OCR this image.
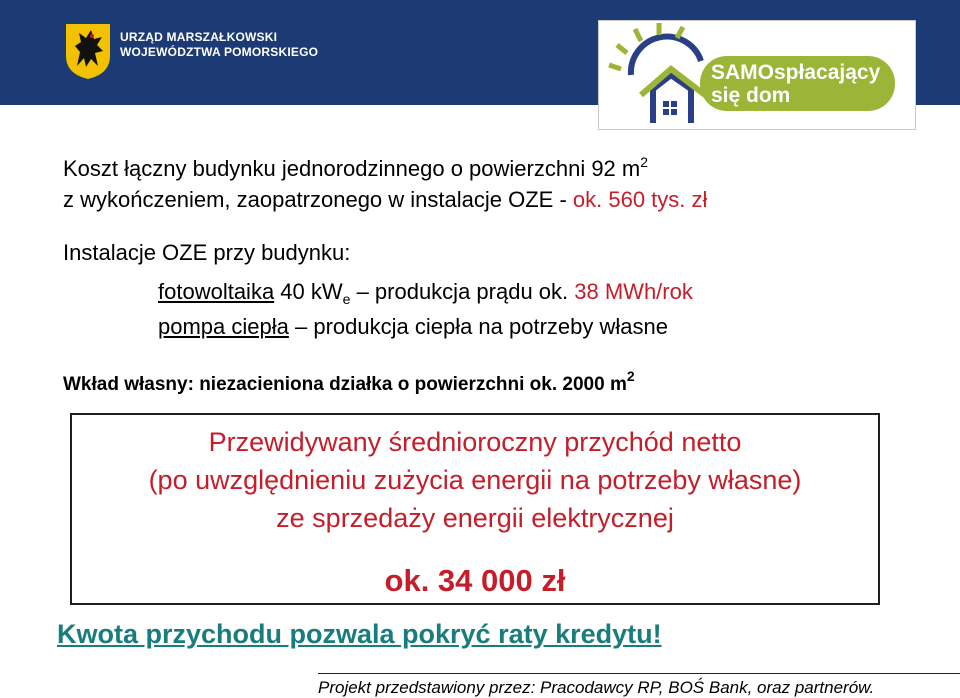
URZĄD MARSZAŁKOWSKI
WOJEWÓDZTWA POMORSKIEGO
SAMOspłacający
się dom
Koszt łączny budynku jednorodzinnego o powierzchni 92 $m^2$
z wykończeniem, zaopatrzonego w instalacje OZE - ok. 560 tys. zł
Instalacje OZE przy budynku:
fotowoltaika 40 $kW_e$ – produkcja prądu ok. 38 MWh/rok
pompa ciepła – produkcja ciepła na potrzeby własne
Wkład własny: niezacieniona działka o powierzchni ok. 2000 $m^2$
Przewidywany średnioroczny przychód netto
(po uwzględnieniu zużycia energii na potrzeby własne)
ze sprzedaży energii elektrycznej
ok. 34 000 zł
Kwota przychodu pozwala pokryć raty kredytu!
Projekt przedstawiony przez: Pracodawcy RP, BOŚ Bank, oraz partnerów.
